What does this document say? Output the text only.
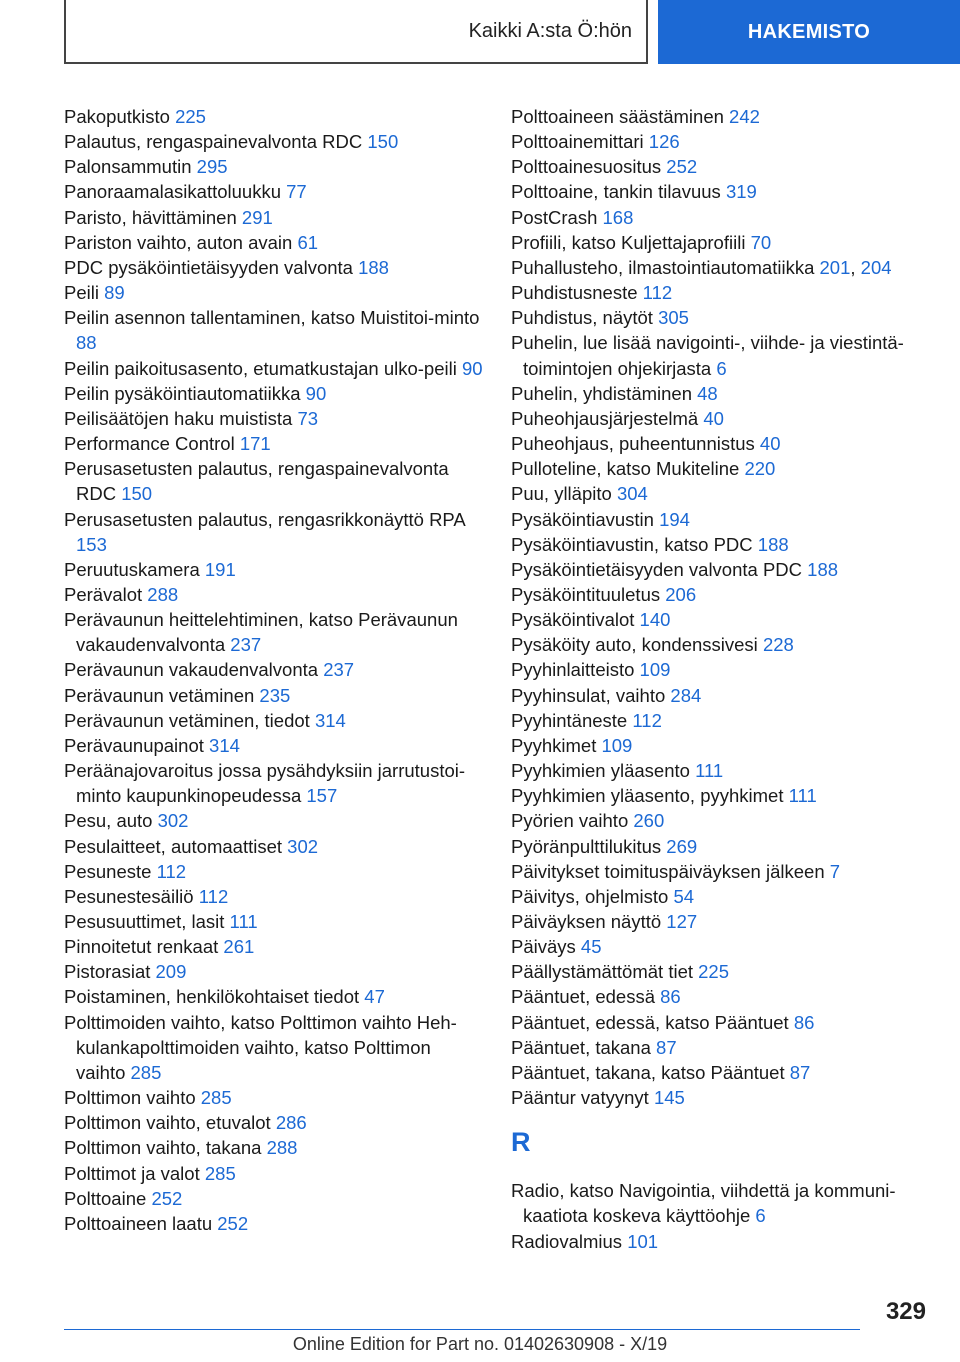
Kaikki A:sta Ö:hön	HAKEMISTO
Pakoputkisto 225
Palautus, rengaspainevalvonta RDC 150
Palonsammutin 295
Panoraamalasikattoluukku 77
Paristo, hävittäminen 291
Pariston vaihto, auton avain 61
PDC pysäköintietäisyyden valvonta 188
Peili 89
Peilin asennon tallentaminen, katso Muistitoi-minto 88
Peilin paikoitusasento, etumatkustajan ulko-peili 90
Peilin pysäköintiautomatiikka 90
Peilisäätöjen haku muistista 73
Performance Control 171
Perusasetusten palautus, rengaspainevalvonta RDC 150
Perusasetusten palautus, rengasrikkonäyttö RPA 153
Peruutuskamera 191
Perävalot 288
Perävaunun heittelehtiminen, katso Perävaunun vakaudenvalvonta 237
Perävaunun vakaudenvalvonta 237
Perävaunun vetäminen 235
Perävaunun vetäminen, tiedot 314
Perävaunupainot 314
Peräänajovaroitus jossa pysähdyksiin jarrutustoi-minto kaupunkinopeudessa 157
Pesu, auto 302
Pesulaitteet, automaattiset 302
Pesuneste 112
Pesunestesäiliö 112
Pesusuuttimet, lasit 111
Pinnoitetut renkaat 261
Pistorasiat 209
Poistaminen, henkilökohtaiset tiedot 47
Polttimoiden vaihto, katso Polttimon vaihto Heh-kulankapolttimoiden vaihto, katso Polttimon vaihto 285
Polttimon vaihto 285
Polttimon vaihto, etuvalot 286
Polttimon vaihto, takana 288
Polttimot ja valot 285
Polttoaine 252
Polttoaineen laatu 252
Polttoaineen säästäminen 242
Polttoainemittari 126
Polttoainesuositus 252
Polttoaine, tankin tilavuus 319
PostCrash 168
Profiili, katso Kuljettajaprofiili 70
Puhallusteho, ilmastointiautomatiikka 201, 204
Puhdistusneste 112
Puhdistus, näytöt 305
Puhelin, lue lisää navigointi-, viihde- ja viestintä-toimintojen ohjekirjasta 6
Puhelin, yhdistäminen 48
Puheohjausjärjestelmä 40
Puheohjaus, puheentunnistus 40
Pulloteline, katso Mukiteline 220
Puu, ylläpito 304
Pysäköintiavustin 194
Pysäköintiavustin, katso PDC 188
Pysäköintietäisyyden valvonta PDC 188
Pysäköintituuletus 206
Pysäköintivalot 140
Pysäköity auto, kondenssivesi 228
Pyyhinlaitteisto 109
Pyyhinsulat, vaihto 284
Pyyhintäneste 112
Pyyhkimet 109
Pyyhkimien yläasento 111
Pyyhkimien yläasento, pyyhkimet 111
Pyörien vaihto 260
Pyöränpulttilukitus 269
Päivitykset toimituspäiväyksen jälkeen 7
Päivitys, ohjelmisto 54
Päiväyksen näyttö 127
Päiväys 45
Päällystämättömät tiet 225
Pääntuet, edessä 86
Pääntuet, edessä, katso Pääntuet 86
Pääntuet, takana 87
Pääntuet, takana, katso Pääntuet 87
Pääntur vatyynyt 145
R
Radio, katso Navigointia, viihdettä ja kommuni-kaatiota koskeva käyttöohje 6
Radiovalmius 101
329
Online Edition for Part no. 01402630908 - X/19
